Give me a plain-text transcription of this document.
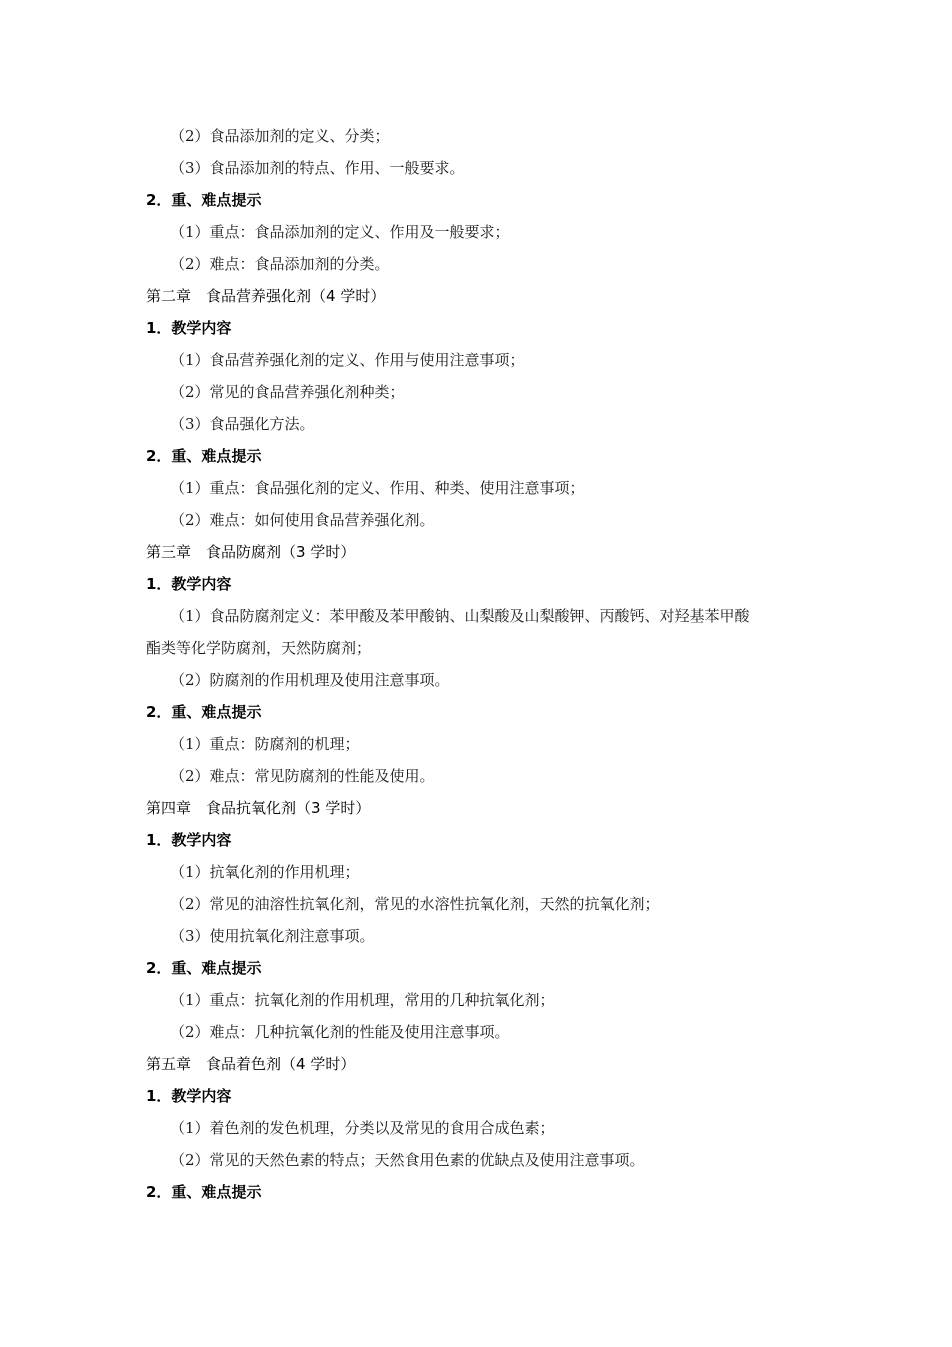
（2）食品添加剂的定义、分类；
（3）食品添加剂的特点、作用、一般要求。
2．重、难点提示
（1）重点：食品添加剂的定义、作用及一般要求；
（2）难点：食品添加剂的分类。
第二章　食品营养强化剂（4 学时）
1．教学内容
（1）食品营养强化剂的定义、作用与使用注意事项；
（2）常见的食品营养强化剂种类；
（3）食品强化方法。
2．重、难点提示
（1）重点：食品强化剂的定义、作用、种类、使用注意事项；
（2）难点：如何使用食品营养强化剂。
第三章　食品防腐剂（3 学时）
1．教学内容
（1）食品防腐剂定义：苯甲酸及苯甲酸钠、山梨酸及山梨酸钾、丙酸钙、对羟基苯甲酸
酯类等化学防腐剂，天然防腐剂；
（2）防腐剂的作用机理及使用注意事项。
2．重、难点提示
（1）重点：防腐剂的机理；
（2）难点：常见防腐剂的性能及使用。
第四章　食品抗氧化剂（3 学时）
1．教学内容
（1）抗氧化剂的作用机理；
（2）常见的油溶性抗氧化剂，常见的水溶性抗氧化剂，天然的抗氧化剂；
（3）使用抗氧化剂注意事项。
2．重、难点提示
（1）重点：抗氧化剂的作用机理，常用的几种抗氧化剂；
（2）难点：几种抗氧化剂的性能及使用注意事项。
第五章　食品着色剂（4 学时）
1．教学内容
（1）着色剂的发色机理，分类以及常见的食用合成色素；
（2）常见的天然色素的特点；天然食用色素的优缺点及使用注意事项。
2．重、难点提示
